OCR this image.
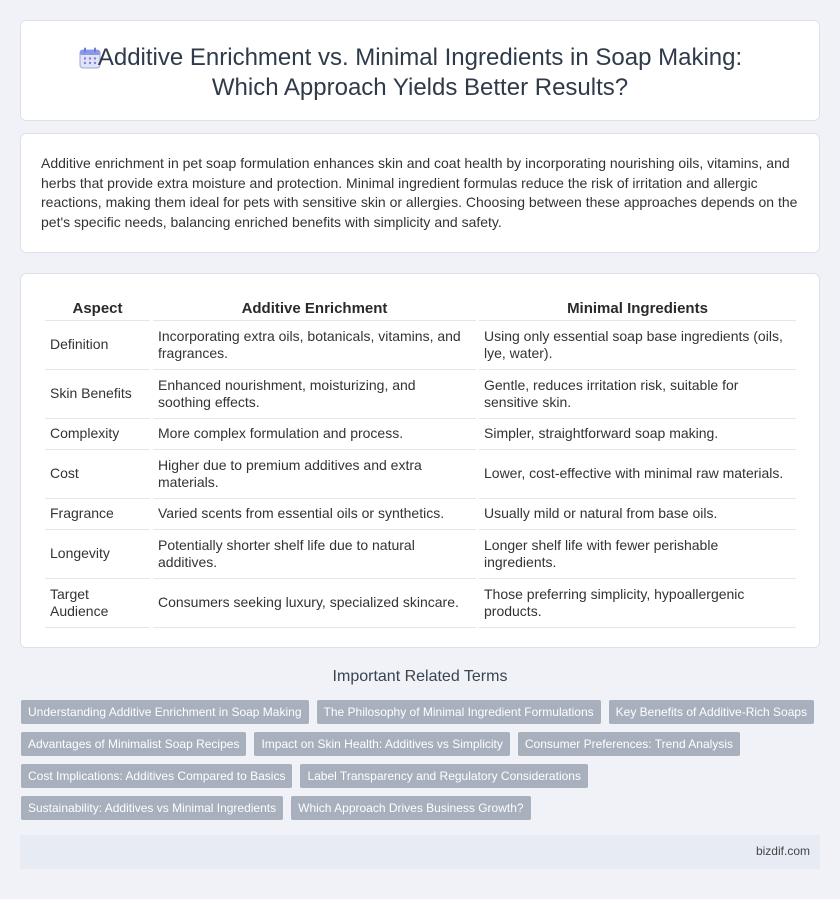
Additive Enrichment vs. Minimal Ingredients in Soap Making:
Which Approach Yields Better Results?

Additive enrichment in pet soap formulation enhances skin and coat health by incorporating nourishing oils, vitamins, and herbs that provide extra moisture and protection. Minimal ingredient formulas reduce the risk of irritation and allergic reactions, making them ideal for pets with sensitive skin or allergies. Choosing between these approaches depends on the pet's specific needs, balancing enriched benefits with simplicity and safety.

Aspect	Additive Enrichment	Minimal Ingredients
Definition	Incorporating extra oils, botanicals, vitamins, and fragrances.	Using only essential soap base ingredients (oils, lye, water).
Skin Benefits	Enhanced nourishment, moisturizing, and soothing effects.	Gentle, reduces irritation risk, suitable for sensitive skin.
Complexity	More complex formulation and process.	Simpler, straightforward soap making.
Cost	Higher due to premium additives and extra materials.	Lower, cost-effective with minimal raw materials.
Fragrance	Varied scents from essential oils or synthetics.	Usually mild or natural from base oils.
Longevity	Potentially shorter shelf life due to natural additives.	Longer shelf life with fewer perishable ingredients.
Target Audience	Consumers seeking luxury, specialized skincare.	Those preferring simplicity, hypoallergenic products.
Important Related Terms
Understanding Additive Enrichment in Soap Making	The Philosophy of Minimal Ingredient Formulations	Key Benefits of Additive-Rich Soaps
Advantages of Minimalist Soap Recipes	Impact on Skin Health: Additives vs Simplicity	Consumer Preferences: Trend Analysis
Cost Implications: Additives Compared to Basics	Label Transparency and Regulatory Considerations
Sustainability: Additives vs Minimal Ingredients	Which Approach Drives Business Growth?
bizdif.com
